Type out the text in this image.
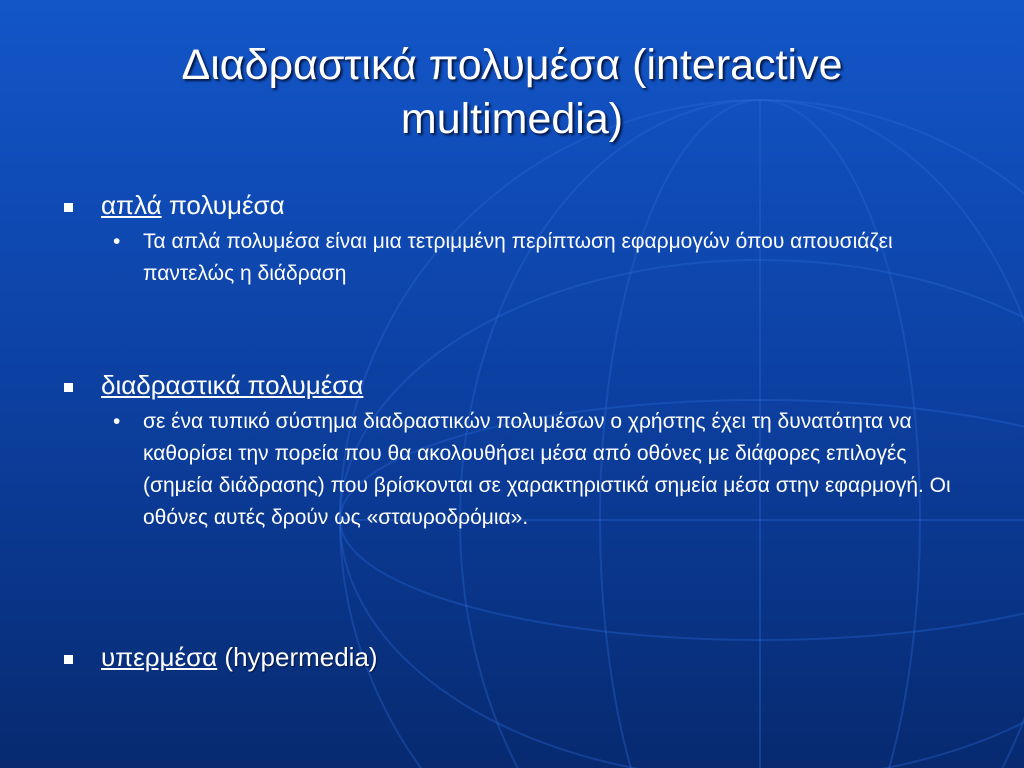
Διαδραστικά πολυμέσα (interactive
multimedia)
απλά πολυμέσα
• Τα απλά πολυμέσα είναι μια τετριμμένη περίπτωση εφαρμογών όπου απουσιάζει παντελώς η διάδραση
διαδραστικά πολυμέσα
• σε ένα τυπικό σύστημα διαδραστικών πολυμέσων ο χρήστης έχει τη δυνατότητα να καθορίσει την πορεία που θα ακολουθήσει μέσα από οθόνες με διάφορες επιλογές (σημεία διάδρασης) που βρίσκονται σε χαρακτηριστικά σημεία μέσα στην εφαρμογή. Οι οθόνες αυτές δρούν ως «σταυροδρόμια».
υπερμέσα (hypermedia)
